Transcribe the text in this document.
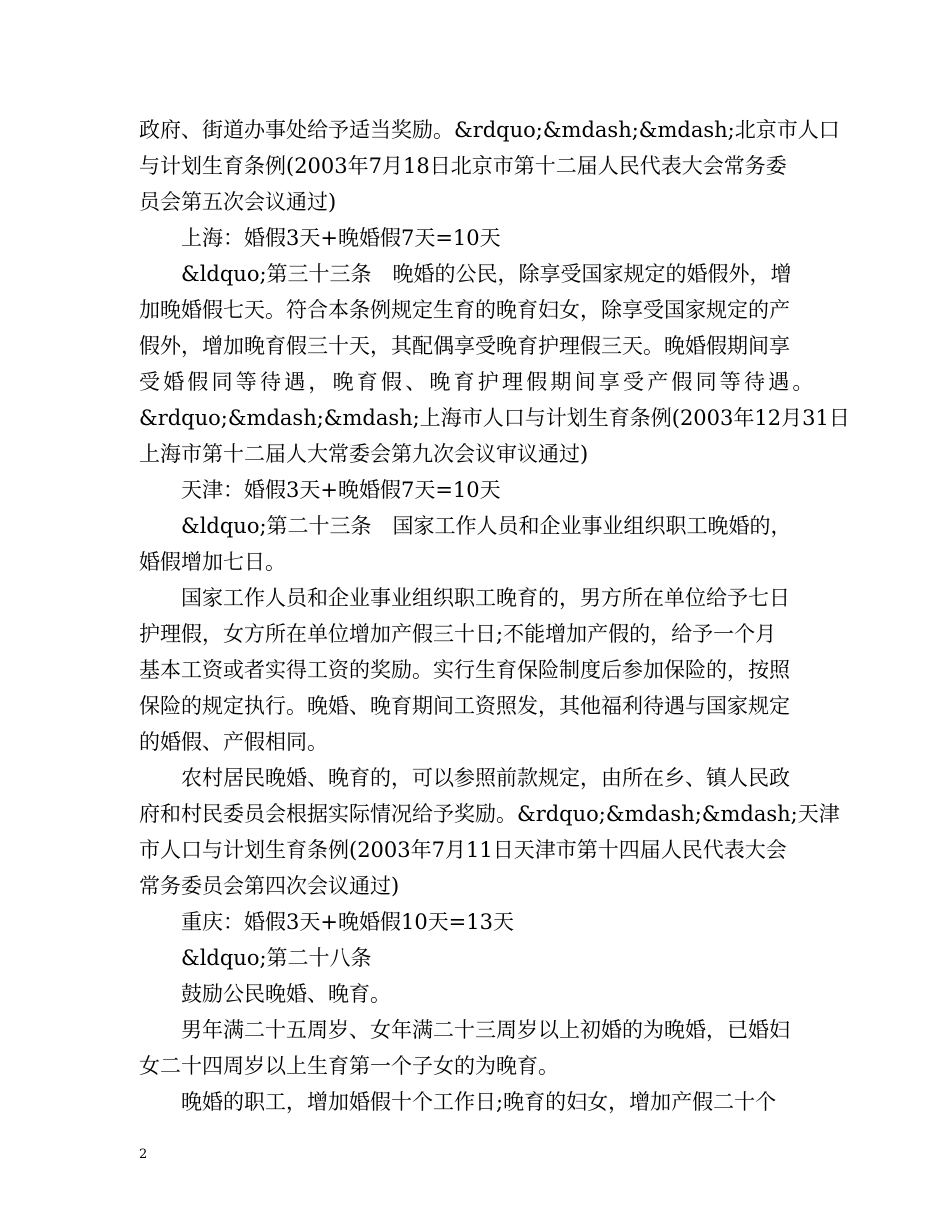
政府、街道办事处给予适当奖励。&rdquo;&mdash;&mdash;北京市人口
与计划生育条例(2003年7月18日北京市第十二届人民代表大会常务委
员会第五次会议通过)
上海：婚假3天+晚婚假7天=10天
&ldquo;第三十三条　晚婚的公民，除享受国家规定的婚假外，增
加晚婚假七天。符合本条例规定生育的晚育妇女，除享受国家规定的产
假外，增加晚育假三十天，其配偶享受晚育护理假三天。晚婚假期间享
受婚假同等待遇，晚育假、晚育护理假期间享受产假同等待遇。
&rdquo;&mdash;&mdash;上海市人口与计划生育条例(2003年12月31日
上海市第十二届人大常委会第九次会议审议通过)
天津：婚假3天+晚婚假7天=10天
&ldquo;第二十三条　国家工作人员和企业事业组织职工晚婚的，
婚假增加七日。
国家工作人员和企业事业组织职工晚育的，男方所在单位给予七日
护理假，女方所在单位增加产假三十日;不能增加产假的，给予一个月
基本工资或者实得工资的奖励。实行生育保险制度后参加保险的，按照
保险的规定执行。晚婚、晚育期间工资照发，其他福利待遇与国家规定
的婚假、产假相同。
农村居民晚婚、晚育的，可以参照前款规定，由所在乡、镇人民政
府和村民委员会根据实际情况给予奖励。&rdquo;&mdash;&mdash;天津
市人口与计划生育条例(2003年7月11日天津市第十四届人民代表大会
常务委员会第四次会议通过)
重庆：婚假3天+晚婚假10天=13天
&ldquo;第二十八条
鼓励公民晚婚、晚育。
男年满二十五周岁、女年满二十三周岁以上初婚的为晚婚，已婚妇
女二十四周岁以上生育第一个子女的为晚育。
晚婚的职工，增加婚假十个工作日;晚育的妇女，增加产假二十个
2
